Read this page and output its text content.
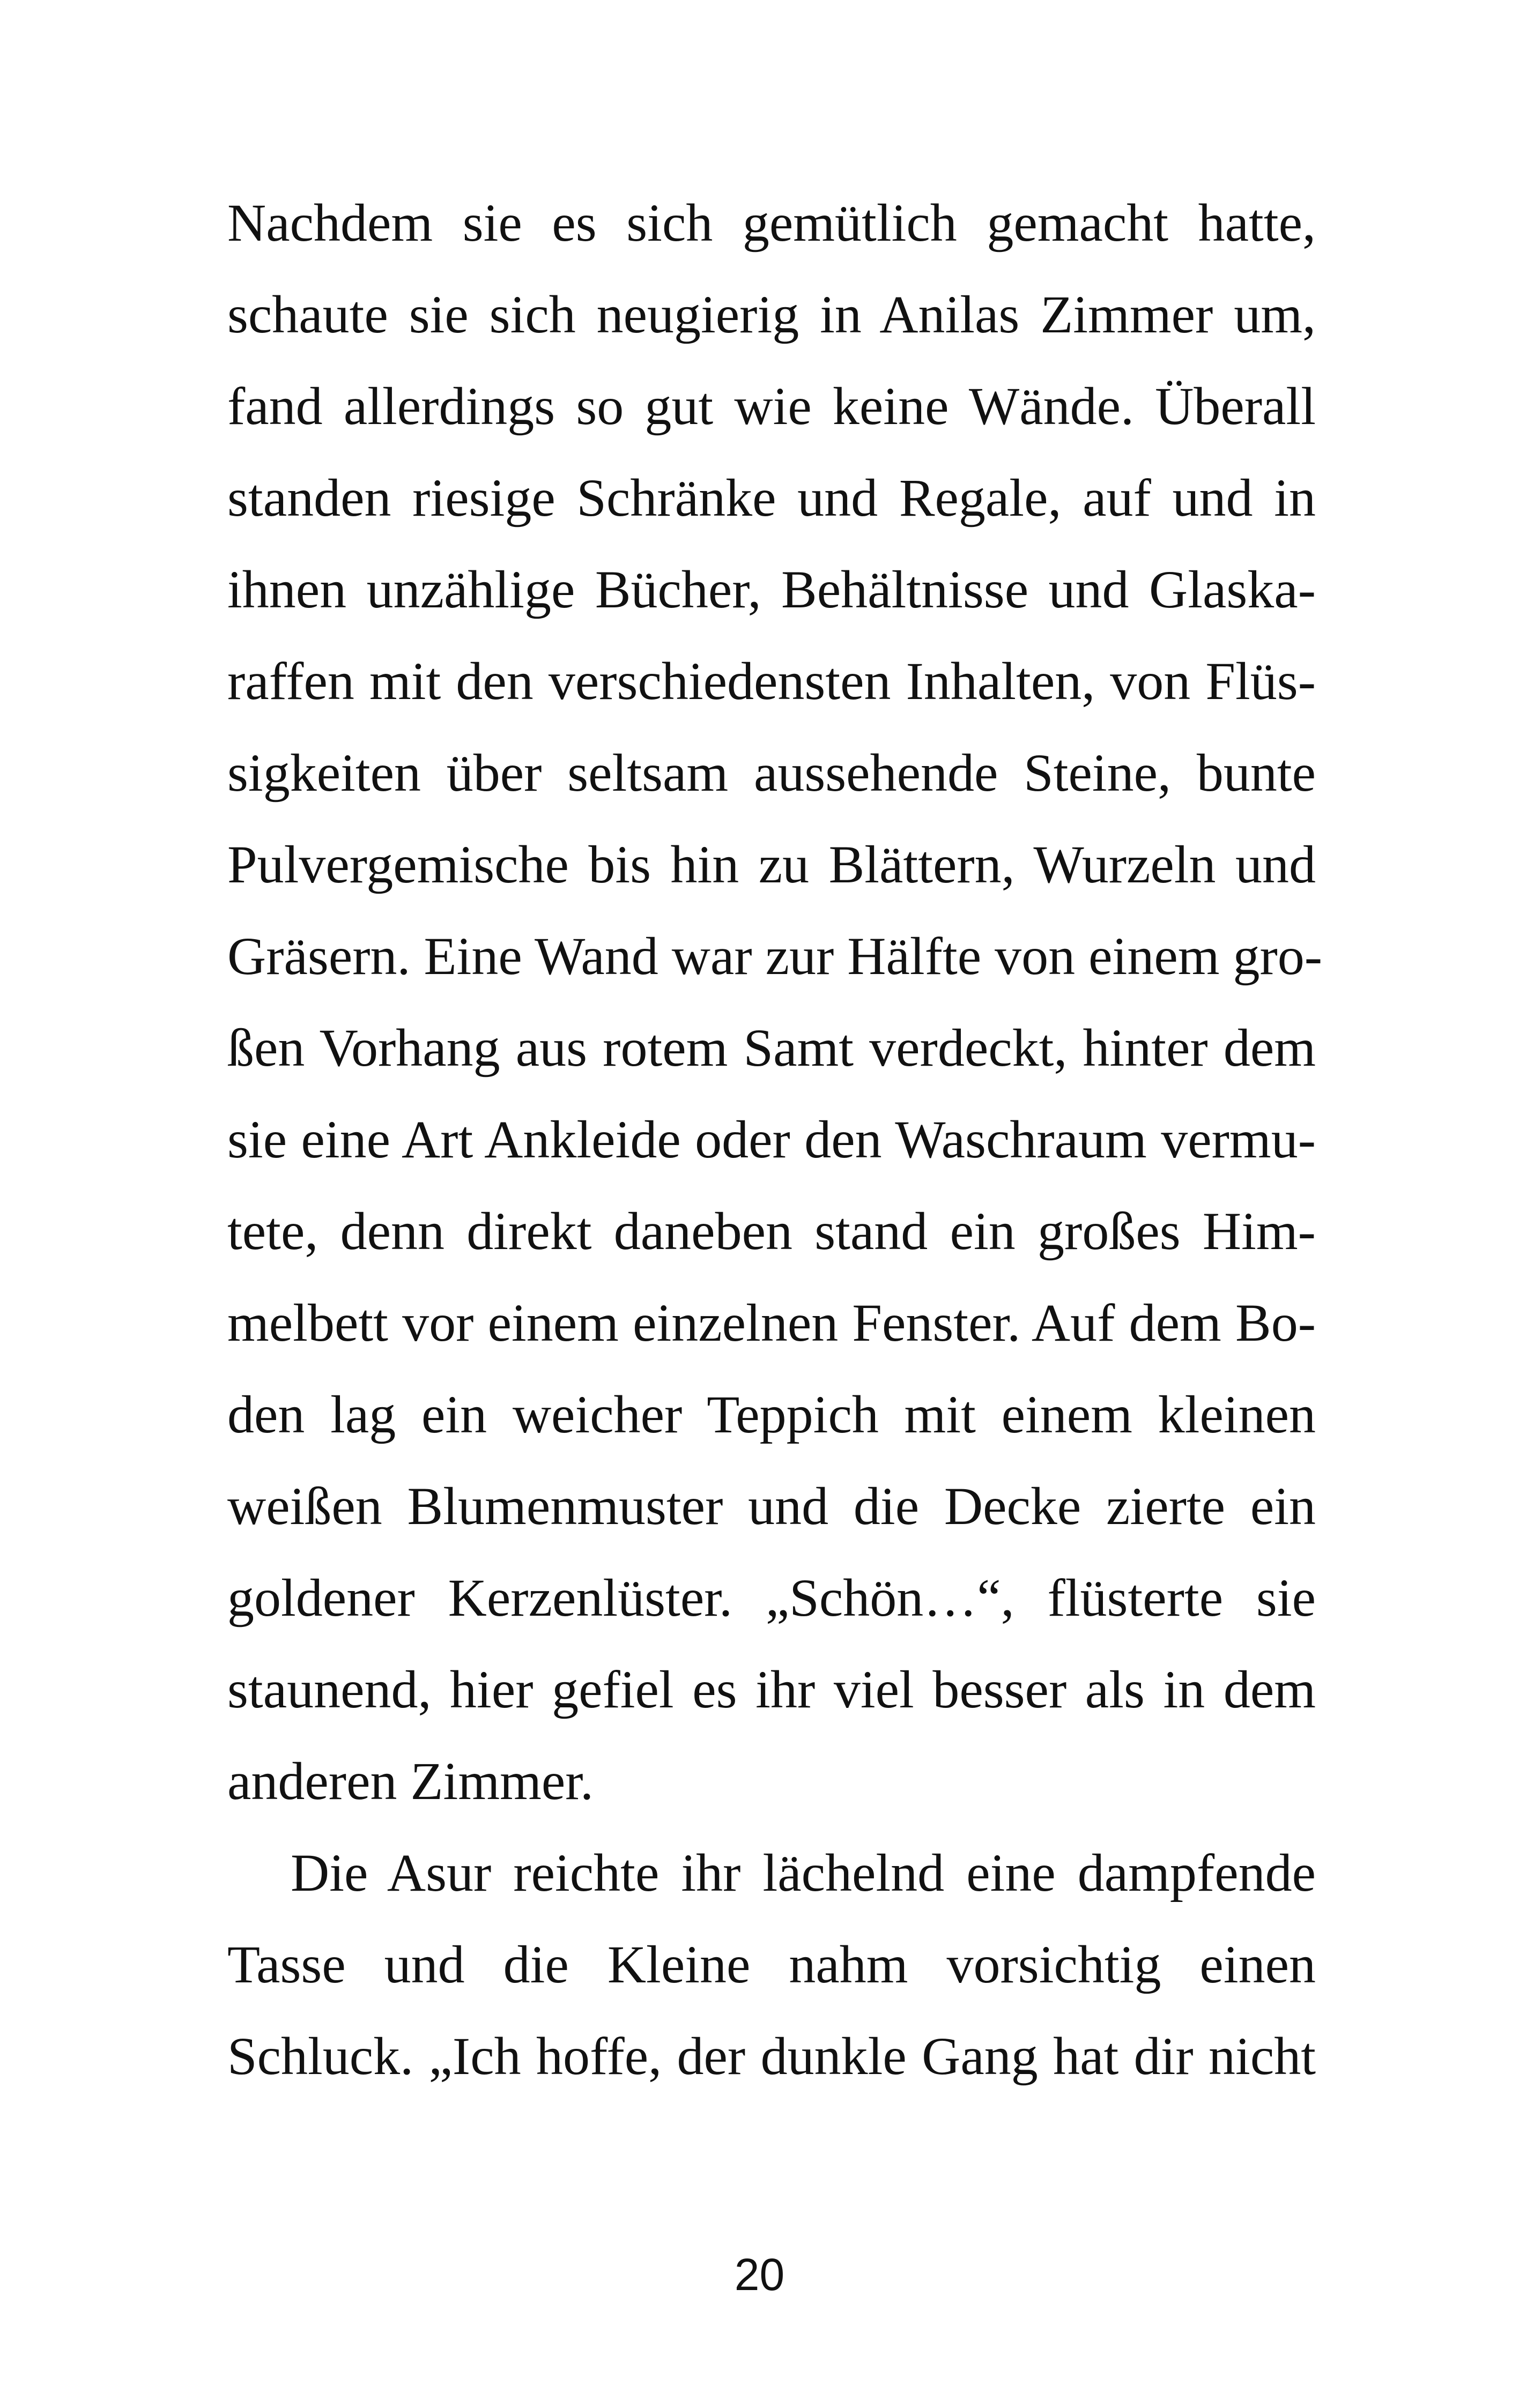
Nachdem sie es sich gemütlich gemacht hatte,
schaute sie sich neugierig in Anilas Zimmer um,
fand allerdings so gut wie keine Wände. Überall
standen riesige Schränke und Regale, auf und in
ihnen unzählige Bücher, Behältnisse und Glaska-
raffen mit den verschiedensten Inhalten, von Flüs-
sigkeiten über seltsam aussehende Steine, bunte
Pulvergemische bis hin zu Blättern, Wurzeln und
Gräsern. Eine Wand war zur Hälfte von einem gro-
ßen Vorhang aus rotem Samt verdeckt, hinter dem
sie eine Art Ankleide oder den Waschraum vermu-
tete, denn direkt daneben stand ein großes Him-
melbett vor einem einzelnen Fenster. Auf dem Bo-
den lag ein weicher Teppich mit einem kleinen
weißen Blumenmuster und die Decke zierte ein
goldener Kerzenlüster. „Schön…“, flüsterte sie
staunend, hier gefiel es ihr viel besser als in dem
anderen Zimmer.
Die Asur reichte ihr lächelnd eine dampfende
Tasse und die Kleine nahm vorsichtig einen
Schluck. „Ich hoffe, der dunkle Gang hat dir nicht
20
